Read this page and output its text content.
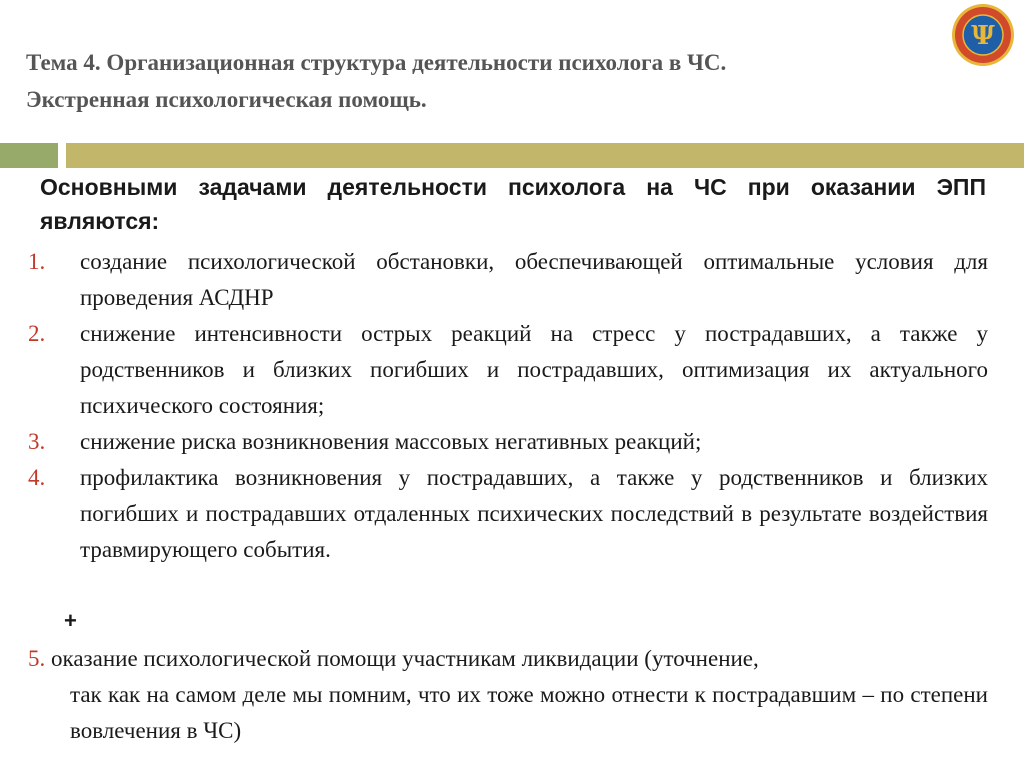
Тема 4. Организационная структура деятельности психолога в ЧС.
Экстренная психологическая помощь.
Ψ
Основными задачами деятельности психолога на ЧС при оказании ЭПП являются:
1. создание психологической обстановки, обеспечивающей оптимальные условия для проведения АСДНР
2. снижение интенсивности острых реакций на стресс у пострадавших, а также у родственников и близких погибших и пострадавших, оптимизация их актуального психического состояния;
3. снижение риска возникновения массовых негативных реакций;
4. профилактика возникновения у пострадавших, а также у родственников и близких погибших и пострадавших отдаленных психических последствий в результате воздействия травмирующего события.
+
5. оказание психологической помощи участникам ликвидации (уточнение,
так как на самом деле мы помним, что их тоже можно отнести к пострадавшим – по степени вовлечения в ЧС)
